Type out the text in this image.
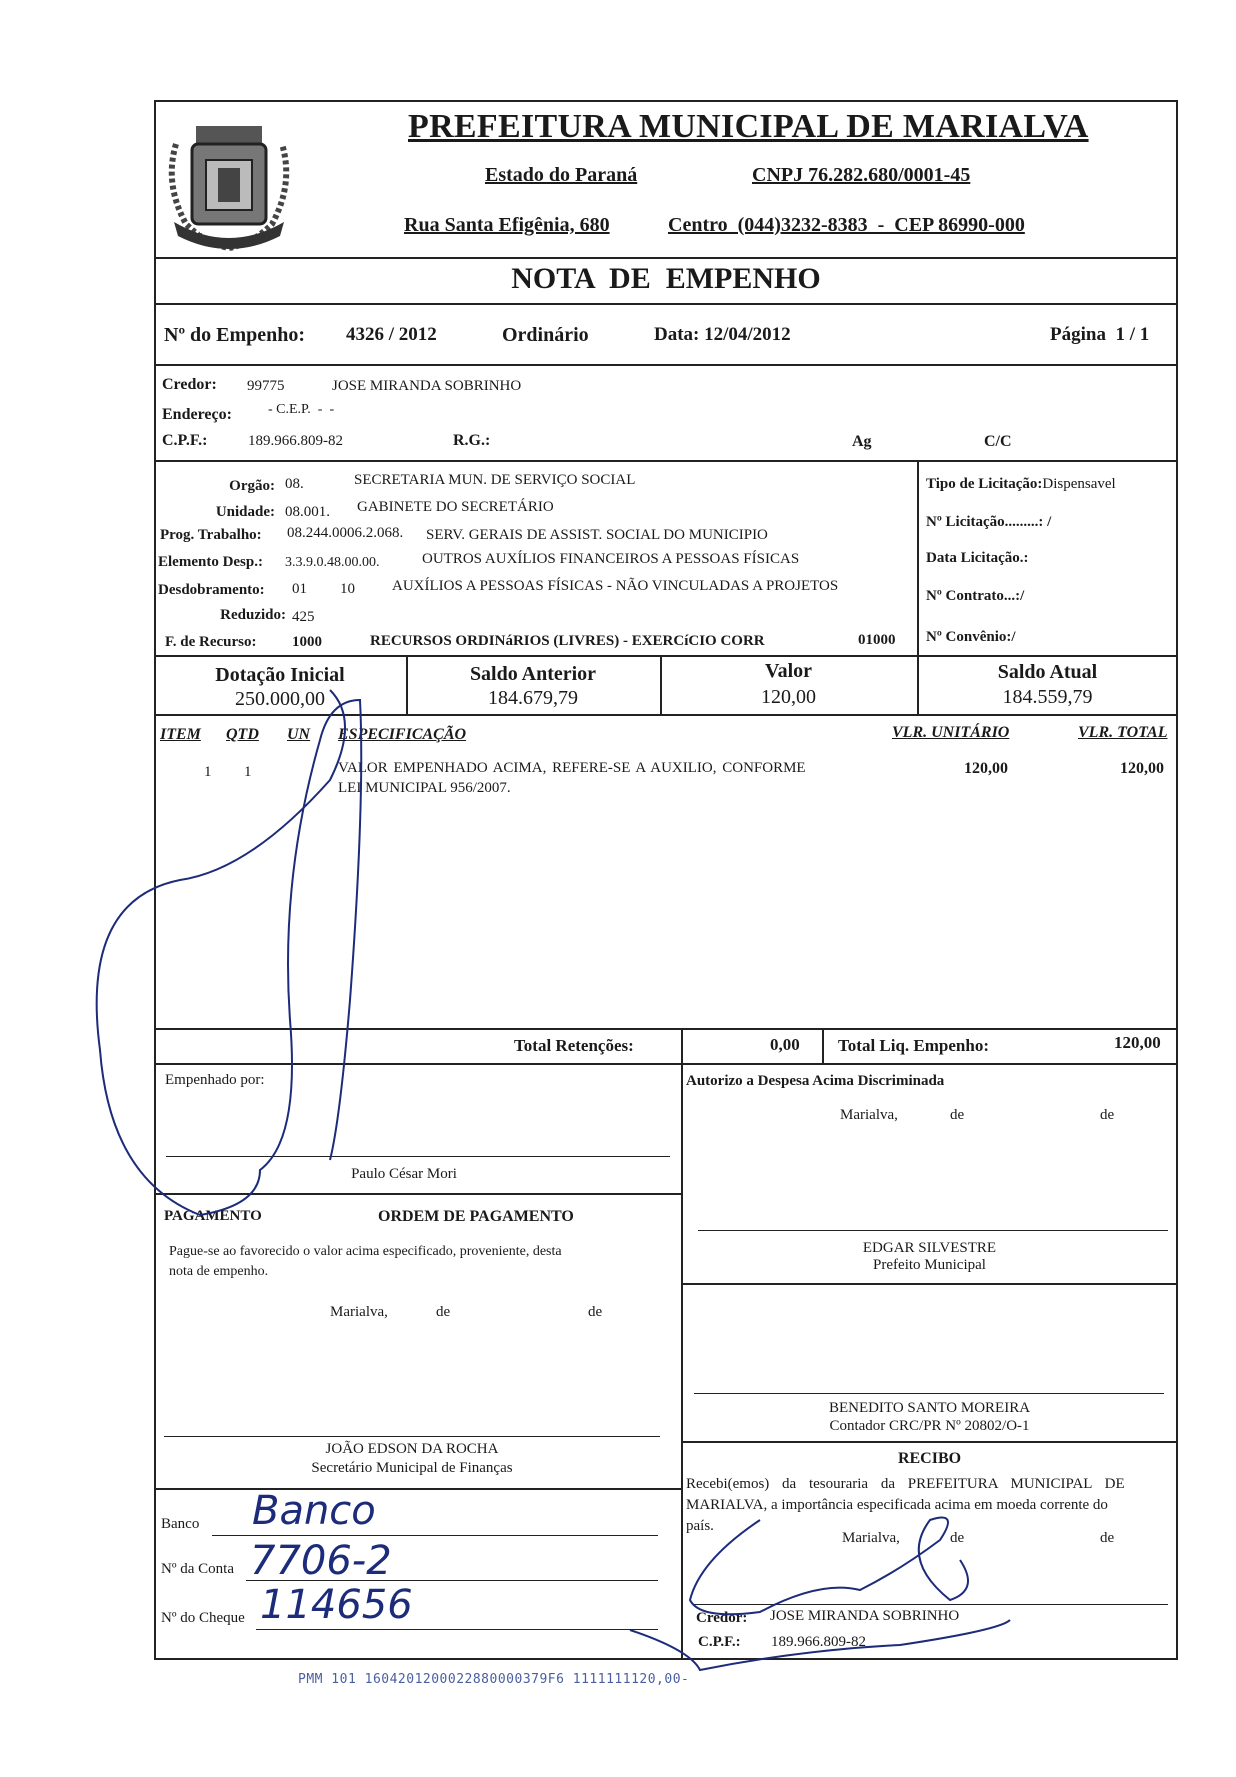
MARIALVA
PREFEITURA MUNICIPAL DE MARIALVA
Estado do Paraná	CNPJ 76.282.680/0001-45
Rua Santa Efigênia, 680	Centro  (044)3232-8383  -  CEP 86990-000
NOTA  DE  EMPENHO
Nº do Empenho: 4326 / 2012	Ordinário	Data: 12/04/2012	Página  1 / 1
Credor: 99775	JOSE MIRANDA SOBRINHO
Endereço:	- C.E.P.  -  -
C.P.F.:	189.966.809-82	R.G.:	Ag	C/C
Orgão: 08.	SECRETARIA MUN. DE SERVIÇO SOCIAL
Unidade: 08.001. GABINETE DO SECRETÁRIO
Prog. Trabalho: 08.244.0006.2.068. SERV. GERAIS DE ASSIST. SOCIAL DO MUNICIPIO
Elemento Desp.: 3.3.9.0.48.00.00.	OUTROS AUXÍLIOS FINANCEIROS A PESSOAS FÍSICAS
Desdobramento: 01 10 AUXÍLIOS A PESSOAS FÍSICAS - NÃO VINCULADAS A PROJETOS
Reduzido: 425
F. de Recurso: 1000	RECURSOS ORDINáRIOS (LIVRES) - EXERCíCIO CORR	01000
Tipo de Licitação:Dispensavel
Nº Licitação.........: /
Data Licitação.:
Nº Contrato...:/
Nº Convênio:/
Dotação Inicial
250.000,00
Saldo Anterior
184.679,79
Valor
120,00
Saldo Atual
184.559,79
ITEM QTD UN ESPECIFICAÇÃO	VLR. UNITÁRIO	VLR. TOTAL
1 1	VALOR EMPENHADO ACIMA, REFERE-SE A AUXILIO, CONFORME
LEI MUNICIPAL 956/2007.
120,00	120,00
Total Retenções:	0,00 Total Liq. Empenho:	120,00
Empenhado por:
Paulo César Mori
Autorizo a Despesa Acima Discriminada
Marialva,	de	de
EDGAR SILVESTRE
Prefeito Municipal
PAGAMENTO	ORDEM DE PAGAMENTO
Pague-se ao favorecido o valor acima especificado, proveniente, desta
nota de empenho.
Marialva,	de	de
JOÃO EDSON DA ROCHA
Secretário Municipal de Finanças
BENEDITO SANTO MOREIRA
Contador CRC/PR Nº 20802/O-1
RECIBO
Recebi(emos) da tesouraria da PREFEITURA MUNICIPAL DE
MARIALVA, a importância especificada acima em moeda corrente do
país.
Marialva,	de	de
Credor: JOSE MIRANDA SOBRINHO
C.P.F.: 189.966.809-82
Banco Banco
Nº da Conta 7706-2
Nº do Cheque 114656
PMM 101 1604201200022880000379F6 1111111120,00-
